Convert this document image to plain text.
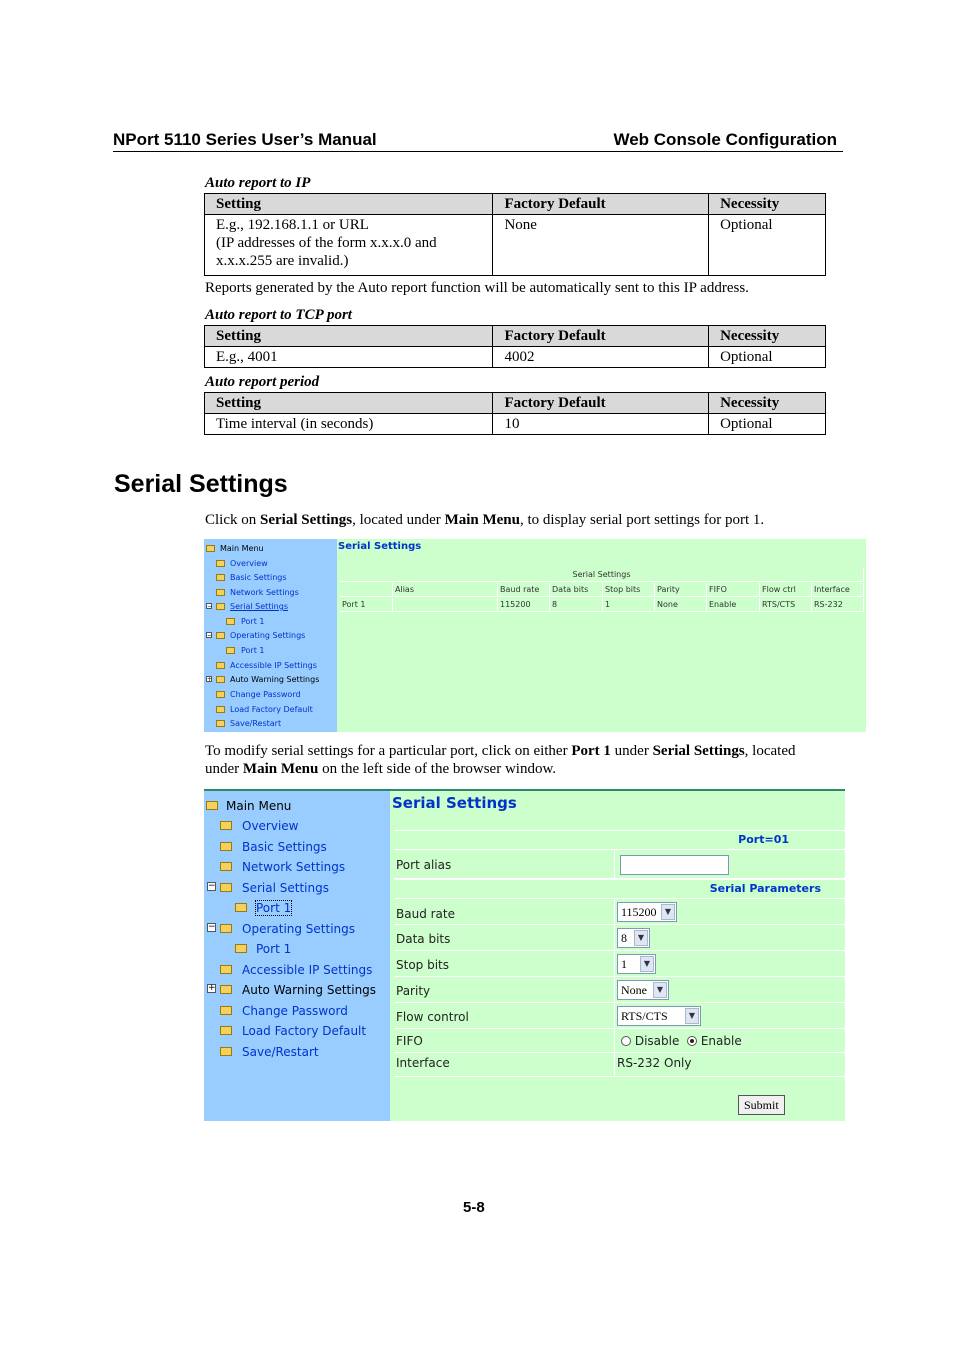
NPort 5110 Series User’s Manual	Web Console Configuration
Auto report to IP
Setting	Factory Default	Necessity

E.g., 192.168.1.1 or URL
(IP addresses of the form x.x.x.0 and
x.x.x.255 are invalid.)	None	Optional
Reports generated by the Auto report function will be automatically sent to this IP address.
Auto report to TCP port
Setting	Factory Default	Necessity
E.g., 4001	4002	Optional
Auto report period
Setting	Factory Default	Necessity
Time interval (in seconds)	10	Optional
Serial Settings
Click on Serial Settings, located under Main Menu, to display serial port settings for port 1.
Main Menu
Overview
Basic Settings
Network Settings
− Serial Settings
Port 1
− Operating Settings
Port 1
Accessible IP Settings
+ Auto Warning Settings
Change Password
Load Factory Default
Save/Restart
Serial Settings
Serial Settings
Alias	Baud rate	Data bits	Stop bits	Parity	FIFO	Flow ctrl	Interface
Port 1	115200	8	1	None	Enable	RTS/CTS	RS-232
To modify serial settings for a particular port, click on either Port 1 under Serial Settings, located
under Main Menu on the left side of the browser window.
Main Menu
Overview
Basic Settings
Network Settings
− Serial Settings
Port 1
− Operating Settings
Port 1
Accessible IP Settings
+ Auto Warning Settings
Change Password
Load Factory Default
Save/Restart
Serial Settings
Port=01
Port alias
Serial Parameters
Baud rate	115200	▼
Data bits	8	▼
Stop bits	1	▼
Parity	None	▼
Flow control	RTS/CTS	▼
FIFO	Disable	Enable
Interface	RS-232 Only
Submit
5-8
